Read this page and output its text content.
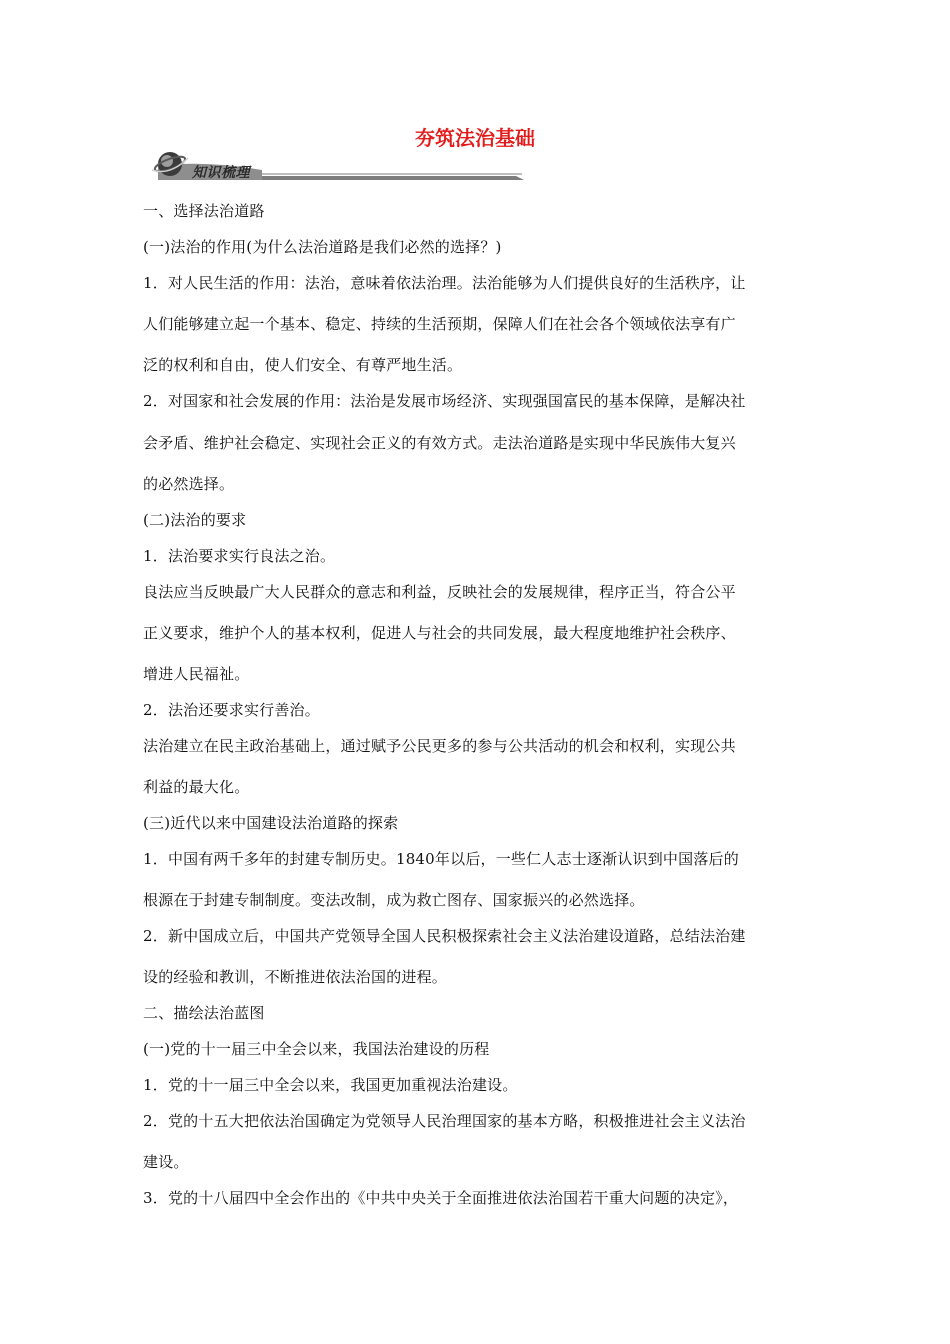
夯筑法治基础
知识梳理
一、选择法治道路
(一)法治的作用(为什么法治道路是我们必然的选择？)
1．对人民生活的作用：法治，意味着依法治理。法治能够为人们提供良好的生活秩序，让
人们能够建立起一个基本、稳定、持续的生活预期，保障人们在社会各个领域依法享有广
泛的权利和自由，使人们安全、有尊严地生活。
2．对国家和社会发展的作用：法治是发展市场经济、实现强国富民的基本保障，是解决社
会矛盾、维护社会稳定、实现社会正义的有效方式。走法治道路是实现中华民族伟大复兴
的必然选择。
(二)法治的要求
1．法治要求实行良法之治。
良法应当反映最广大人民群众的意志和利益，反映社会的发展规律，程序正当，符合公平
正义要求，维护个人的基本权利，促进人与社会的共同发展，最大程度地维护社会秩序、
增进人民福祉。
2．法治还要求实行善治。
法治建立在民主政治基础上，通过赋予公民更多的参与公共活动的机会和权利，实现公共
利益的最大化。
(三)近代以来中国建设法治道路的探索
1．中国有两千多年的封建专制历史。1840年以后，一些仁人志士逐渐认识到中国落后的
根源在于封建专制制度。变法改制，成为救亡图存、国家振兴的必然选择。
2．新中国成立后，中国共产党领导全国人民积极探索社会主义法治建设道路，总结法治建
设的经验和教训，不断推进依法治国的进程。
二、描绘法治蓝图
(一)党的十一届三中全会以来，我国法治建设的历程
1．党的十一届三中全会以来，我国更加重视法治建设。
2．党的十五大把依法治国确定为党领导人民治理国家的基本方略，积极推进社会主义法治
建设。
3．党的十八届四中全会作出的《中共中央关于全面推进依法治国若干重大问题的决定》，
